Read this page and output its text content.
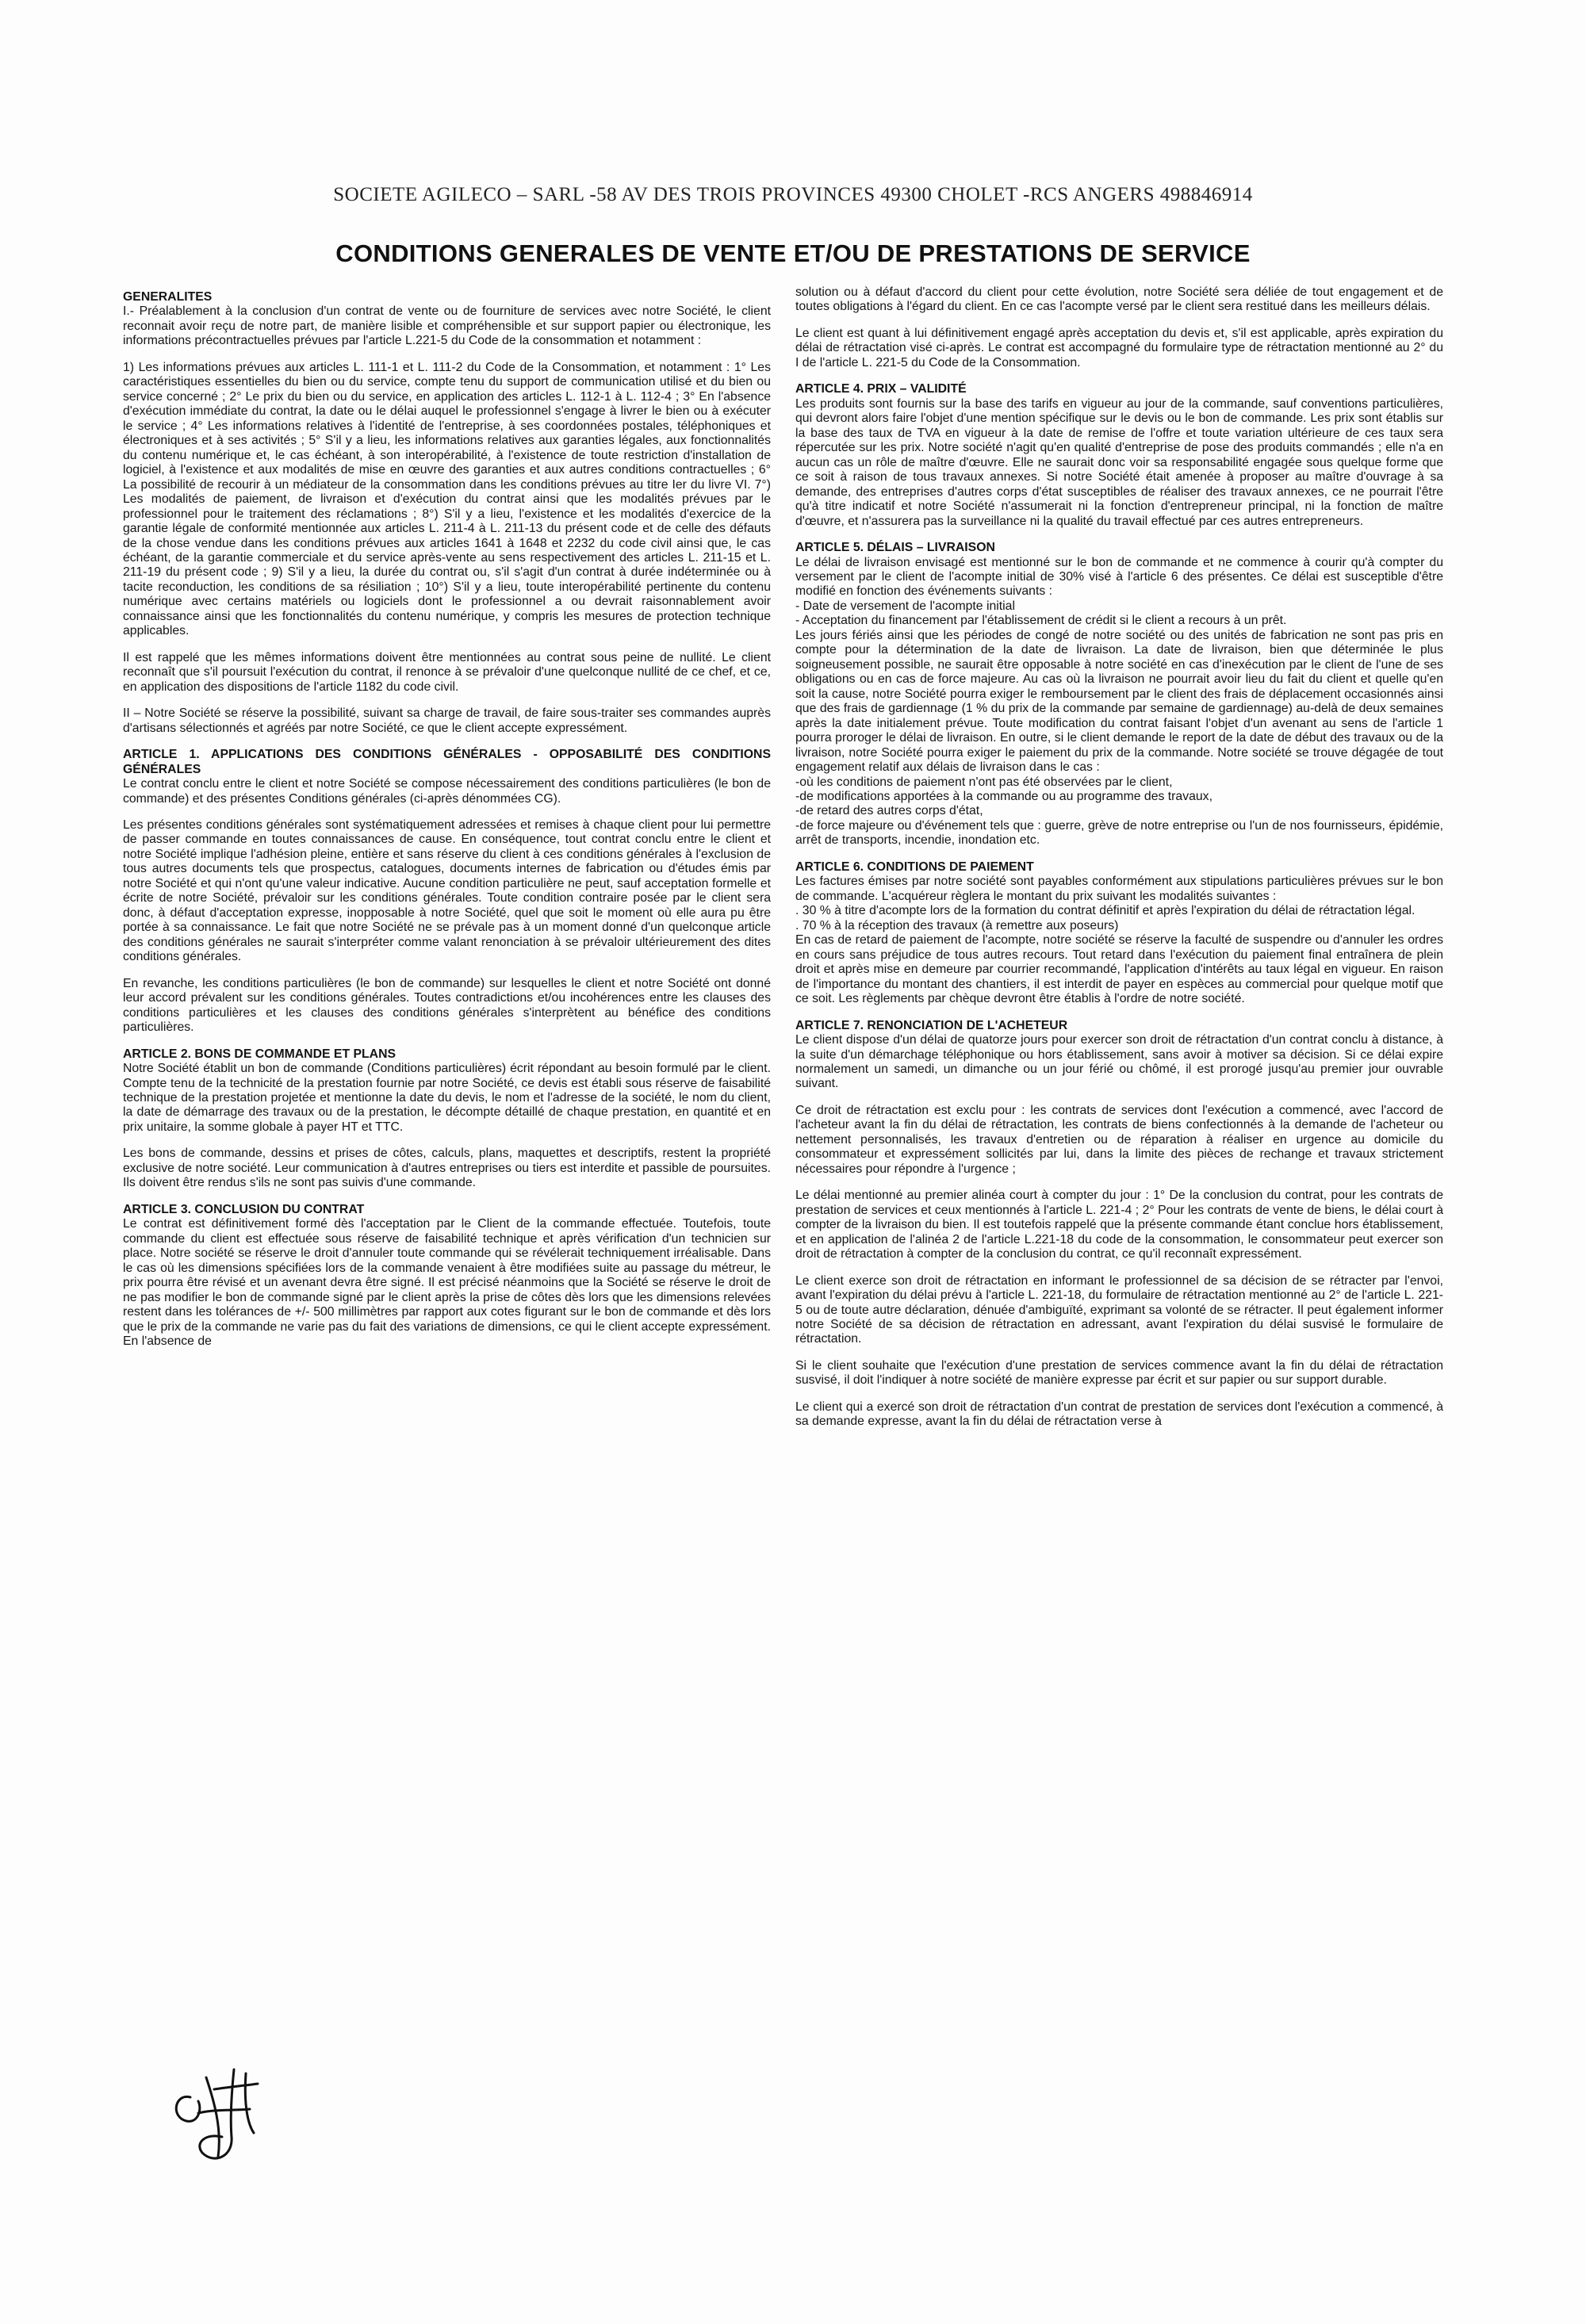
SOCIETE AGILECO – SARL -58 AV DES TROIS PROVINCES 49300 CHOLET -RCS ANGERS 498846914
CONDITIONS GENERALES DE VENTE ET/OU DE PRESTATIONS DE SERVICE

GENERALITES

I.- Préalablement à la conclusion d'un contrat de vente ou de fourniture de services avec notre Société, le client reconnait avoir reçu de notre part, de manière lisible et compréhensible et sur support papier ou électronique, les informations précontractuelles prévues par l'article L.221-5 du Code de la consommation et notamment :

1) Les informations prévues aux articles L. 111-1 et L. 111-2 du Code de la Consommation, et notamment : 1° Les caractéristiques essentielles du bien ou du service, compte tenu du support de communication utilisé et du bien ou service concerné ; 2° Le prix du bien ou du service, en application des articles L. 112-1 à L. 112-4 ; 3° En l'absence d'exécution immédiate du contrat, la date ou le délai auquel le professionnel s'engage à livrer le bien ou à exécuter le service ; 4° Les informations relatives à l'identité de l'entreprise, à ses coordonnées postales, téléphoniques et électroniques et à ses activités ; 5° S'il y a lieu, les informations relatives aux garanties légales, aux fonctionnalités du contenu numérique et, le cas échéant, à son interopérabilité, à l'existence de toute restriction d'installation de logiciel, à l'existence et aux modalités de mise en œuvre des garanties et aux autres conditions contractuelles ; 6° La possibilité de recourir à un médiateur de la consommation dans les conditions prévues au titre Ier du livre VI. 7°) Les modalités de paiement, de livraison et d'exécution du contrat ainsi que les modalités prévues par le professionnel pour le traitement des réclamations ; 8°) S'il y a lieu, l'existence et les modalités d'exercice de la garantie légale de conformité mentionnée aux articles L. 211-4 à L. 211-13 du présent code et de celle des défauts de la chose vendue dans les conditions prévues aux articles 1641 à 1648 et 2232 du code civil ainsi que, le cas échéant, de la garantie commerciale et du service après-vente au sens respectivement des articles L. 211-15 et L. 211-19 du présent code ; 9) S'il y a lieu, la durée du contrat ou, s'il s'agit d'un contrat à durée indéterminée ou à tacite reconduction, les conditions de sa résiliation ; 10°) S'il y a lieu, toute interopérabilité pertinente du contenu numérique avec certains matériels ou logiciels dont le professionnel a ou devrait raisonnablement avoir connaissance ainsi que les fonctionnalités du contenu numérique, y compris les mesures de protection technique applicables.

Il est rappelé que les mêmes informations doivent être mentionnées au contrat sous peine de nullité. Le client reconnaît que s'il poursuit l'exécution du contrat, il renonce à se prévaloir d'une quelconque nullité de ce chef, et ce, en application des dispositions de l'article 1182 du code civil.

II – Notre Société se réserve la possibilité, suivant sa charge de travail, de faire sous-traiter ses commandes auprès d'artisans sélectionnés et agréés par notre Société, ce que le client accepte expressément.

ARTICLE 1. APPLICATIONS DES CONDITIONS GÉNÉRALES - OPPOSABILITÉ DES CONDITIONS GÉNÉRALES

Le contrat conclu entre le client et notre Société se compose nécessairement des conditions particulières (le bon de commande) et des présentes Conditions générales (ci-après dénommées CG).

Les présentes conditions générales sont systématiquement adressées et remises à chaque client pour lui permettre de passer commande en toutes connaissances de cause. En conséquence, tout contrat conclu entre le client et notre Société implique l'adhésion pleine, entière et sans réserve du client à ces conditions générales à l'exclusion de tous autres documents tels que prospectus, catalogues, documents internes de fabrication ou d'études émis par notre Société et qui n'ont qu'une valeur indicative. Aucune condition particulière ne peut, sauf acceptation formelle et écrite de notre Société, prévaloir sur les conditions générales. Toute condition contraire posée par le client sera donc, à défaut d'acceptation expresse, inopposable à notre Société, quel que soit le moment où elle aura pu être portée à sa connaissance. Le fait que notre Société ne se prévale pas à un moment donné d'un quelconque article des conditions générales ne saurait s'interpréter comme valant renonciation à se prévaloir ultérieurement des dites conditions générales.

En revanche, les conditions particulières (le bon de commande) sur lesquelles le client et notre Société ont donné leur accord prévalent sur les conditions générales. Toutes contradictions et/ou incohérences entre les clauses des conditions particulières et les clauses des conditions générales s'interprètent au bénéfice des conditions particulières.

ARTICLE 2. BONS DE COMMANDE ET PLANS

Notre Société établit un bon de commande (Conditions particulières) écrit répondant au besoin formulé par le client. Compte tenu de la technicité de la prestation fournie par notre Société, ce devis est établi sous réserve de faisabilité technique de la prestation projetée et mentionne la date du devis, le nom et l'adresse de la société, le nom du client, la date de démarrage des travaux ou de la prestation, le décompte détaillé de chaque prestation, en quantité et en prix unitaire, la somme globale à payer HT et TTC.

Les bons de commande, dessins et prises de côtes, calculs, plans, maquettes et descriptifs, restent la propriété exclusive de notre société. Leur communication à d'autres entreprises ou tiers est interdite et passible de poursuites. Ils doivent être rendus s'ils ne sont pas suivis d'une commande.

ARTICLE 3. CONCLUSION DU CONTRAT

Le contrat est définitivement formé dès l'acceptation par le Client de la commande effectuée. Toutefois, toute commande du client est effectuée sous réserve de faisabilité technique et après vérification d'un technicien sur place. Notre société se réserve le droit d'annuler toute commande qui se révélerait techniquement irréalisable. Dans le cas où les dimensions spécifiées lors de la commande venaient à être modifiées suite au passage du métreur, le prix pourra être révisé et un avenant devra être signé. Il est précisé néanmoins que la Société se réserve le droit de ne pas modifier le bon de commande signé par le client après la prise de côtes dès lors que les dimensions relevées restent dans les tolérances de +/- 500 millimètres par rapport aux cotes figurant sur le bon de commande et dès lors que le prix de la commande ne varie pas du fait des variations de dimensions, ce qui le client accepte expressément. En l'absence de

solution ou à défaut d'accord du client pour cette évolution, notre Société sera déliée de tout engagement et de toutes obligations à l'égard du client. En ce cas l'acompte versé par le client sera restitué dans les meilleurs délais.

Le client est quant à lui définitivement engagé après acceptation du devis et, s'il est applicable, après expiration du délai de rétractation visé ci-après. Le contrat est accompagné du formulaire type de rétractation mentionné au 2° du I de l'article L. 221-5 du Code de la Consommation.

ARTICLE 4. PRIX – VALIDITÉ

Les produits sont fournis sur la base des tarifs en vigueur au jour de la commande, sauf conventions particulières, qui devront alors faire l'objet d'une mention spécifique sur le devis ou le bon de commande. Les prix sont établis sur la base des taux de TVA en vigueur à la date de remise de l'offre et toute variation ultérieure de ces taux sera répercutée sur les prix. Notre société n'agit qu'en qualité d'entreprise de pose des produits commandés ; elle n'a en aucun cas un rôle de maître d'œuvre. Elle ne saurait donc voir sa responsabilité engagée sous quelque forme que ce soit à raison de tous travaux annexes. Si notre Société était amenée à proposer au maître d'ouvrage à sa demande, des entreprises d'autres corps d'état susceptibles de réaliser des travaux annexes, ce ne pourrait l'être qu'à titre indicatif et notre Société n'assumerait ni la fonction d'entrepreneur principal, ni la fonction de maître d'œuvre, et n'assurera pas la surveillance ni la qualité du travail effectué par ces autres entrepreneurs.

ARTICLE 5. DÉLAIS – LIVRAISON

Le délai de livraison envisagé est mentionné sur le bon de commande et ne commence à courir qu'à compter du versement par le client de l'acompte initial de 30% visé à l'article 6 des présentes. Ce délai est susceptible d'être modifié en fonction des événements suivants :

- Date de versement de l'acompte initial

- Acceptation du financement par l'établissement de crédit si le client a recours à un prêt.

Les jours fériés ainsi que les périodes de congé de notre société ou des unités de fabrication ne sont pas pris en compte pour la détermination de la date de livraison. La date de livraison, bien que déterminée le plus soigneusement possible, ne saurait être opposable à notre société en cas d'inexécution par le client de l'une de ses obligations ou en cas de force majeure. Au cas où la livraison ne pourrait avoir lieu du fait du client et quelle qu'en soit la cause, notre Société pourra exiger le remboursement par le client des frais de déplacement occasionnés ainsi que des frais de gardiennage (1 % du prix de la commande par semaine de gardiennage) au-delà de deux semaines après la date initialement prévue. Toute modification du contrat faisant l'objet d'un avenant au sens de l'article 1 pourra proroger le délai de livraison. En outre, si le client demande le report de la date de début des travaux ou de la livraison, notre Société pourra exiger le paiement du prix de la commande. Notre société se trouve dégagée de tout engagement relatif aux délais de livraison dans le cas :

-où les conditions de paiement n'ont pas été observées par le client,

-de modifications apportées à la commande ou au programme des travaux,

-de retard des autres corps d'état,

-de force majeure ou d'événement tels que : guerre, grève de notre entreprise ou l'un de nos fournisseurs, épidémie, arrêt de transports, incendie, inondation etc.

ARTICLE 6. CONDITIONS DE PAIEMENT

Les factures émises par notre société sont payables conformément aux stipulations particulières prévues sur le bon de commande. L'acquéreur règlera le montant du prix suivant les modalités suivantes :

. 30 % à titre d'acompte lors de la formation du contrat définitif et après l'expiration du délai de rétractation légal.

. 70 % à la réception des travaux (à remettre aux poseurs)

En cas de retard de paiement de l'acompte, notre société se réserve la faculté de suspendre ou d'annuler les ordres en cours sans préjudice de tous autres recours. Tout retard dans l'exécution du paiement final entraînera de plein droit et après mise en demeure par courrier recommandé, l'application d'intérêts au taux légal en vigueur. En raison de l'importance du montant des chantiers, il est interdit de payer en espèces au commercial pour quelque motif que ce soit. Les règlements par chèque devront être établis à l'ordre de notre société.

ARTICLE 7. RENONCIATION DE L'ACHETEUR

Le client dispose d'un délai de quatorze jours pour exercer son droit de rétractation d'un contrat conclu à distance, à la suite d'un démarchage téléphonique ou hors établissement, sans avoir à motiver sa décision. Si ce délai expire normalement un samedi, un dimanche ou un jour férié ou chômé, il est prorogé jusqu'au premier jour ouvrable suivant.

Ce droit de rétractation est exclu pour : les contrats de services dont l'exécution a commencé, avec l'accord de l'acheteur avant la fin du délai de rétractation, les contrats de biens confectionnés à la demande de l'acheteur ou nettement personnalisés, les travaux d'entretien ou de réparation à réaliser en urgence au domicile du consommateur et expressément sollicités par lui, dans la limite des pièces de rechange et travaux strictement nécessaires pour répondre à l'urgence ;

Le délai mentionné au premier alinéa court à compter du jour : 1° De la conclusion du contrat, pour les contrats de prestation de services et ceux mentionnés à l'article L. 221-4 ; 2° Pour les contrats de vente de biens, le délai court à compter de la livraison du bien. Il est toutefois rappelé que la présente commande étant conclue hors établissement, et en application de l'alinéa 2 de l'article L.221-18 du code de la consommation, le consommateur peut exercer son droit de rétractation à compter de la conclusion du contrat, ce qu'il reconnaît expressément.

Le client exerce son droit de rétractation en informant le professionnel de sa décision de se rétracter par l'envoi, avant l'expiration du délai prévu à l'article L. 221-18, du formulaire de rétractation mentionné au 2° de l'article L. 221-5 ou de toute autre déclaration, dénuée d'ambiguïté, exprimant sa volonté de se rétracter. Il peut également informer notre Société de sa décision de rétractation en adressant, avant l'expiration du délai susvisé le formulaire de rétractation.

Si le client souhaite que l'exécution d'une prestation de services commence avant la fin du délai de rétractation susvisé, il doit l'indiquer à notre société de manière expresse par écrit et sur papier ou sur support durable.

Le client qui a exercé son droit de rétractation d'un contrat de prestation de services dont l'exécution a commencé, à sa demande expresse, avant la fin du délai de rétractation verse à
